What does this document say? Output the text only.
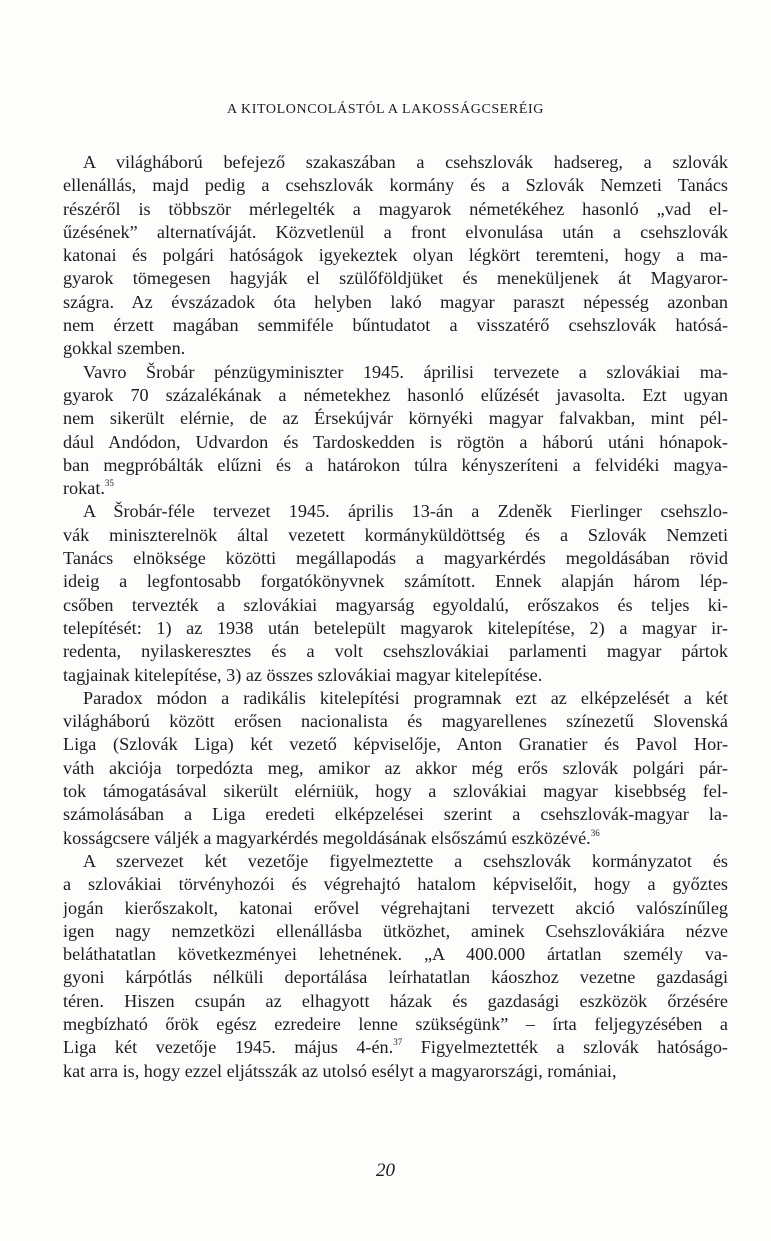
A KITOLONCOLÁSTÓL A LAKOSSÁGCSERÉIG
A világháború befejező szakaszában a csehszlovák hadsereg, a szlovák
ellenállás, majd pedig a csehszlovák kormány és a Szlovák Nemzeti Tanács
részéről is többször mérlegelték a magyarok németékéhez hasonló „vad el-
űzésének” alternatíváját. Közvetlenül a front elvonulása után a csehszlovák
katonai és polgári hatóságok igyekeztek olyan légkört teremteni, hogy a ma-
gyarok tömegesen hagyják el szülőföldjüket és meneküljenek át Magyaror-
szágra. Az évszázadok óta helyben lakó magyar paraszt népesség azonban
nem érzett magában semmiféle bűntudatot a visszatérő csehszlovák hatósá-
gokkal szemben.
Vavro Šrobár pénzügyminiszter 1945. áprilisi tervezete a szlovákiai ma-
gyarok 70 százalékának a németekhez hasonló elűzését javasolta. Ezt ugyan
nem sikerült elérnie, de az Érsekújvár környéki magyar falvakban, mint pél-
dául Andódon, Udvardon és Tardoskedden is rögtön a háború utáni hónapok-
ban megpróbálták elűzni és a határokon túlra kényszeríteni a felvidéki magya-
rokat.$^{35}$
A Šrobár-féle tervezet 1945. április 13-án a Zdeněk Fierlinger csehszlo-
vák miniszterelnök által vezetett kormányküldöttség és a Szlovák Nemzeti
Tanács elnöksége közötti megállapodás a magyarkérdés megoldásában rövid
ideig a legfontosabb forgatókönyvnek számított. Ennek alapján három lép-
csőben tervezték a szlovákiai magyarság egyoldalú, erőszakos és teljes ki-
telepítését: 1) az 1938 után betelepült magyarok kitelepítése, 2) a magyar ir-
redenta, nyilaskeresztes és a volt csehszlovákiai parlamenti magyar pártok
tagjainak kitelepítése, 3) az összes szlovákiai magyar kitelepítése.
Paradox módon a radikális kitelepítési programnak ezt az elképzelését a két
világháború között erősen nacionalista és magyarellenes színezetű Slovenská
Liga (Szlovák Liga) két vezető képviselője, Anton Granatier és Pavol Hor-
váth akciója torpedózta meg, amikor az akkor még erős szlovák polgári pár-
tok támogatásával sikerült elérniük, hogy a szlovákiai magyar kisebbség fel-
számolásában a Liga eredeti elképzelései szerint a csehszlovák-magyar la-
kosságcsere váljék a magyarkérdés megoldásának elsőszámú eszközévé.$^{36}$
A szervezet két vezetője figyelmeztette a csehszlovák kormányzatot és
a szlovákiai törvényhozói és végrehajtó hatalom képviselőit, hogy a győztes
jogán kierőszakolt, katonai erővel végrehajtani tervezett akció valószínűleg
igen nagy nemzetközi ellenállásba ütközhet, aminek Csehszlovákiára nézve
beláthatatlan következményei lehetnének. „A 400.000 ártatlan személy va-
gyoni kárpótlás nélküli deportálása leírhatatlan káoszhoz vezetne gazdasági
téren. Hiszen csupán az elhagyott házak és gazdasági eszközök őrzésére
megbízható őrök egész ezredeire lenne szükségünk” – írta feljegyzésében a
Liga két vezetője 1945. május 4-én.$^{37}$ Figyelmeztették a szlovák hatóságo-
kat arra is, hogy ezzel eljátsszák az utolsó esélyt a magyarországi, romániai,
20
